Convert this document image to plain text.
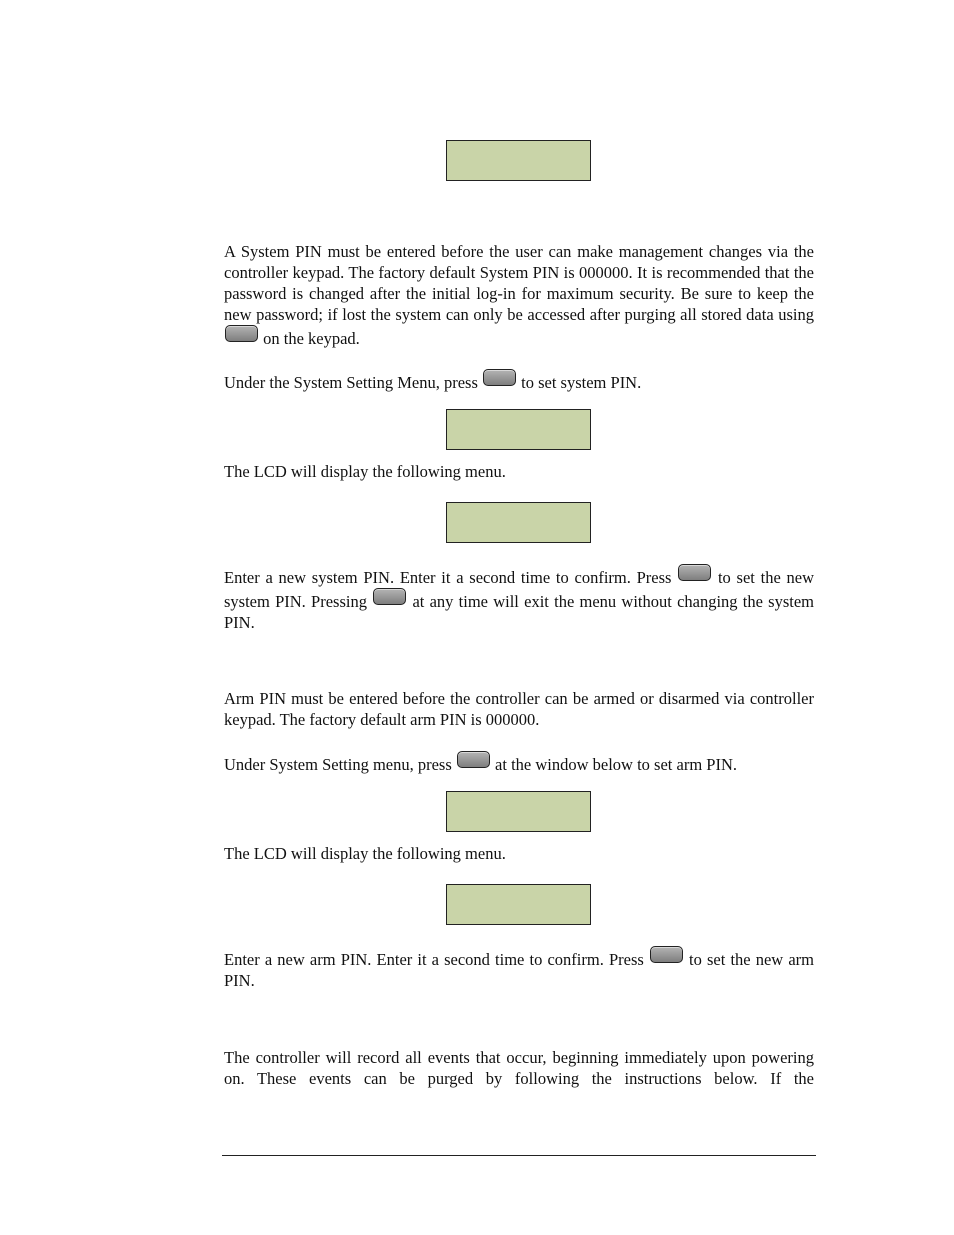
A System PIN must be entered before the user can make management changes via the controller keypad. The factory default System PIN is 000000. It is recommended that the password is changed after the initial log-in for maximum security. Be sure to keep the new password; if lost the system can only be accessed after purging all stored data using  on the keypad.

Under the System Setting Menu, press	to set system PIN.

The LCD will display the following menu.

Enter a new system PIN. Enter it a second time to confirm. Press	to set the new system PIN. Pressing	at any time will exit the menu without changing the system PIN.

Arm PIN must be entered before the controller can be armed or disarmed via controller keypad. The factory default arm PIN is 000000.

Under System Setting menu, press	at the window below to set arm PIN.

The LCD will display the following menu.

Enter a new arm PIN. Enter it a second time to confirm. Press	to set the new arm PIN.

The controller will record all events that occur, beginning immediately upon powering on. These events can be purged by following the instructions below. If the
